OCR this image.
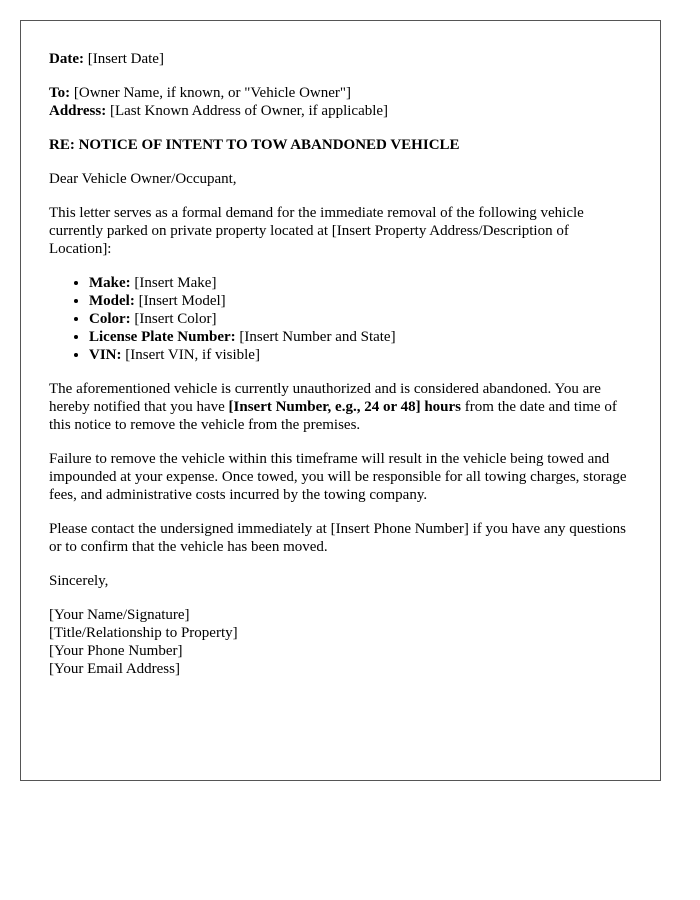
Date: [Insert Date]

To: [Owner Name, if known, or "Vehicle Owner"]

Address: [Last Known Address of Owner, if applicable]

RE: NOTICE OF INTENT TO TOW ABANDONED VEHICLE

Dear Vehicle Owner/Occupant,

This letter serves as a formal demand for the immediate removal of the following vehicle currently parked on private property located at [Insert Property Address/Description of Location]:

• Make: [Insert Make]
• Model: [Insert Model]
• Color: [Insert Color]
• License Plate Number: [Insert Number and State]
• VIN: [Insert VIN, if visible]

The aforementioned vehicle is currently unauthorized and is considered abandoned. You are hereby notified that you have [Insert Number, e.g., 24 or 48] hours from the date and time of this notice to remove the vehicle from the premises.

Failure to remove the vehicle within this timeframe will result in the vehicle being towed and impounded at your expense. Once towed, you will be responsible for all towing charges, storage fees, and administrative costs incurred by the towing company.

Please contact the undersigned immediately at [Insert Phone Number] if you have any questions or to confirm that the vehicle has been moved.

Sincerely,

[Your Name/Signature]
[Title/Relationship to Property]
[Your Phone Number]
[Your Email Address]
